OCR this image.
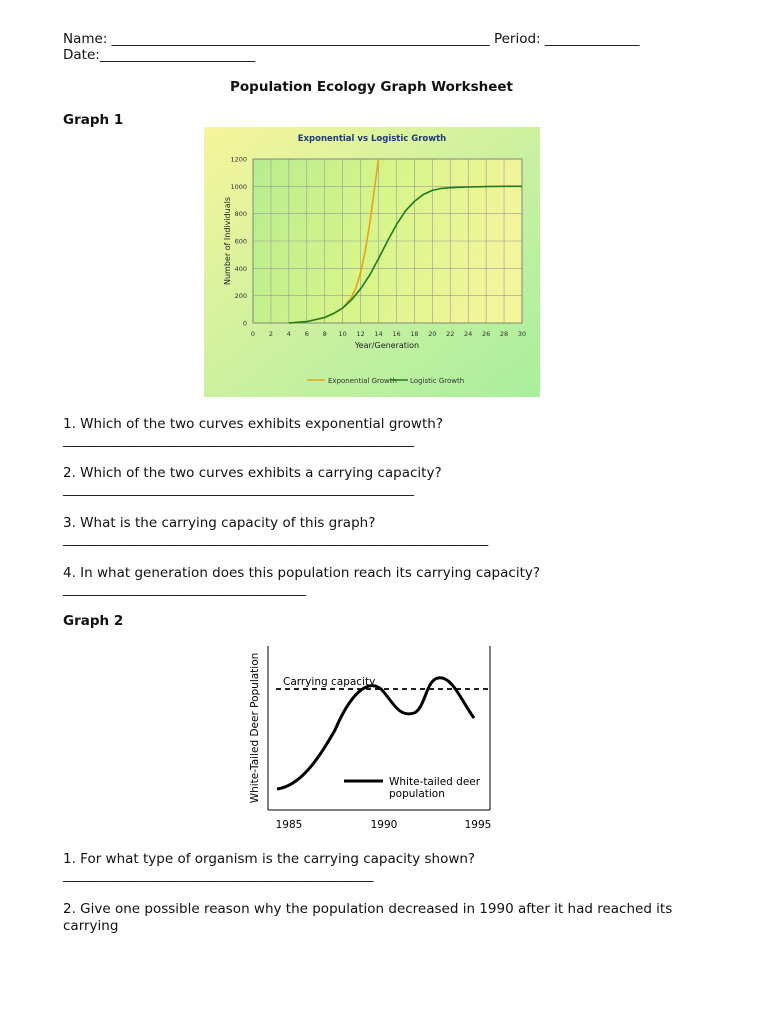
Name: ________________________________________________________ Period: ______________
Date:_______________________
Population Ecology Graph Worksheet
Graph 1
Exponential vs Logistic Growth
0
200
400
600
800
1000
1200
0 2 4 6 8 10 12 14 16 18 20 22 24 26 28 30
Year/Generation
Number of Individuals
Exponential Growth Logistic Growth
1. Which of the two curves exhibits exponential growth?
____________________________________________________
2. Which of the two curves exhibits a carrying capacity?
____________________________________________________
3. What is the carrying capacity of this graph?
_______________________________________________________________
4. In what generation does this population reach its carrying capacity?
____________________________________
Graph 2
White-Tailed Deer Population Carrying capacity
White-tailed deer
population
1985	1990	1995
1. For what type of organism is the carrying capacity shown?
______________________________________________
2. Give one possible reason why the population decreased in 1990 after it had reached its carrying
